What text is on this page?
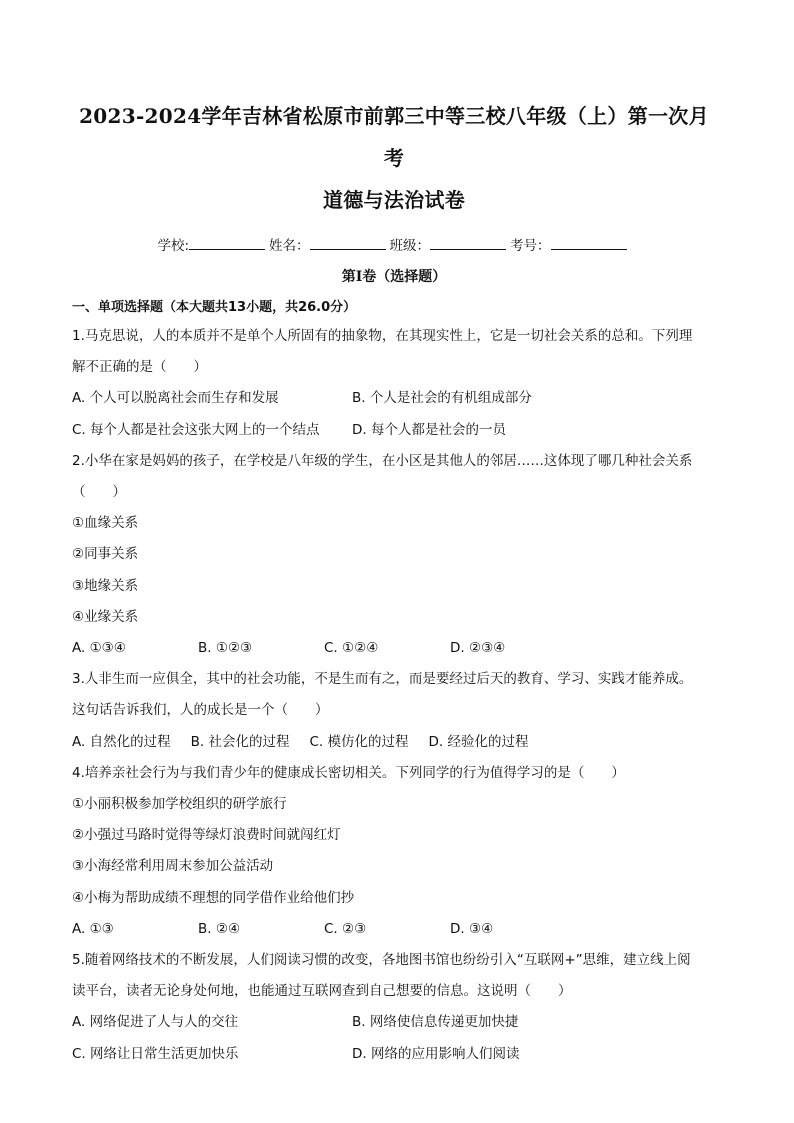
2023-2024学年吉林省松原市前郭三中等三校八年级（上）第一次月考
道德与法治试卷
学校:	姓名：	班级：	考号：
第Ⅰ卷（选择题）
一、单项选择题（本大题共13小题，共26.0分）
1.马克思说，人的本质并不是单个人所固有的抽象物，在其现实性上，它是一切社会关系的总和。下列理
解不正确的是（　　）
A. 个人可以脱离社会而生存和发展	B. 个人是社会的有机组成部分
C. 每个人都是社会这张大网上的一个结点	D. 每个人都是社会的一员
2.小华在家是妈妈的孩子，在学校是八年级的学生，在小区是其他人的邻居……这体现了哪几种社会关系
（　　）
①血缘关系
②同事关系
③地缘关系
④业缘关系
A. ①③④	B. ①②③	C. ①②④	D. ②③④
3.人非生而一应俱全，其中的社会功能，不是生而有之，而是要经过后天的教育、学习、实践才能养成。
这句话告诉我们，人的成长是一个（　　）
A. 自然化的过程 B. 社会化的过程 C. 模仿化的过程 D. 经验化的过程
4.培养亲社会行为与我们青少年的健康成长密切相关。下列同学的行为值得学习的是（　　）
①小丽积极参加学校组织的研学旅行
②小强过马路时觉得等绿灯浪费时间就闯红灯
③小海经常利用周末参加公益活动
④小梅为帮助成绩不理想的同学借作业给他们抄
A. ①③	B. ②④	C. ②③	D. ③④
5.随着网络技术的不断发展，人们阅读习惯的改变，各地图书馆也纷纷引入“互联网+”思维，建立线上阅
读平台，读者无论身处何地，也能通过互联网查到自己想要的信息。这说明（　　）
A. 网络促进了人与人的交往	B. 网络使信息传递更加快捷
C. 网络让日常生活更加快乐	D. 网络的应用影响人们阅读
